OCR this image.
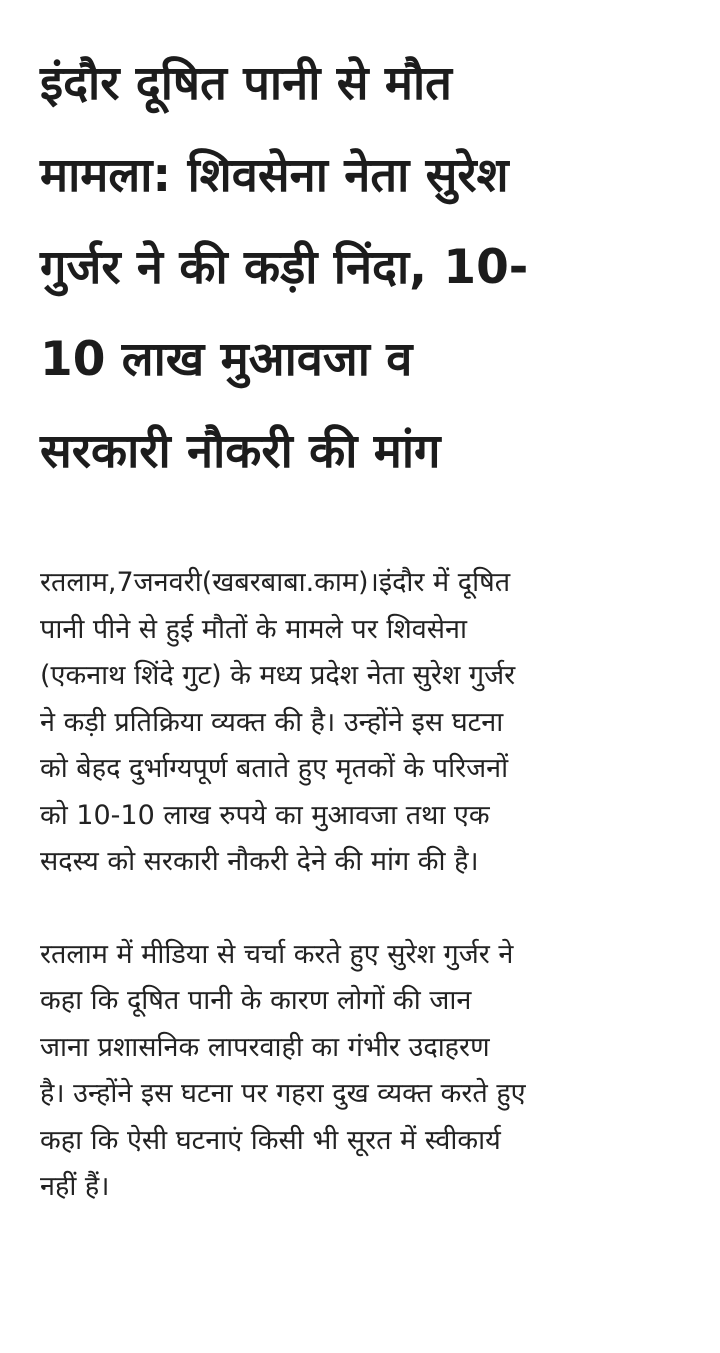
इंदौर दूषित पानी से मौत
मामला: शिवसेना नेता सुरेश
गुर्जर ने की कड़ी निंदा, 10-
10 लाख मुआवजा व
सरकारी नौकरी की मांग

रतलाम,7जनवरी(खबरबाबा.काम)।इंदौर में दूषित
पानी पीने से हुई मौतों के मामले पर शिवसेना
(एकनाथ शिंदे गुट) के मध्य प्रदेश नेता सुरेश गुर्जर
ने कड़ी प्रतिक्रिया व्यक्त की है। उन्होंने इस घटना
को बेहद दुर्भाग्यपूर्ण बताते हुए मृतकों के परिजनों
को 10-10 लाख रुपये का मुआवजा तथा एक
सदस्य को सरकारी नौकरी देने की मांग की है।

रतलाम में मीडिया से चर्चा करते हुए सुरेश गुर्जर ने
कहा कि दूषित पानी के कारण लोगों की जान
जाना प्रशासनिक लापरवाही का गंभीर उदाहरण
है। उन्होंने इस घटना पर गहरा दुख व्यक्त करते हुए
कहा कि ऐसी घटनाएं किसी भी सूरत में स्वीकार्य
नहीं हैं।
